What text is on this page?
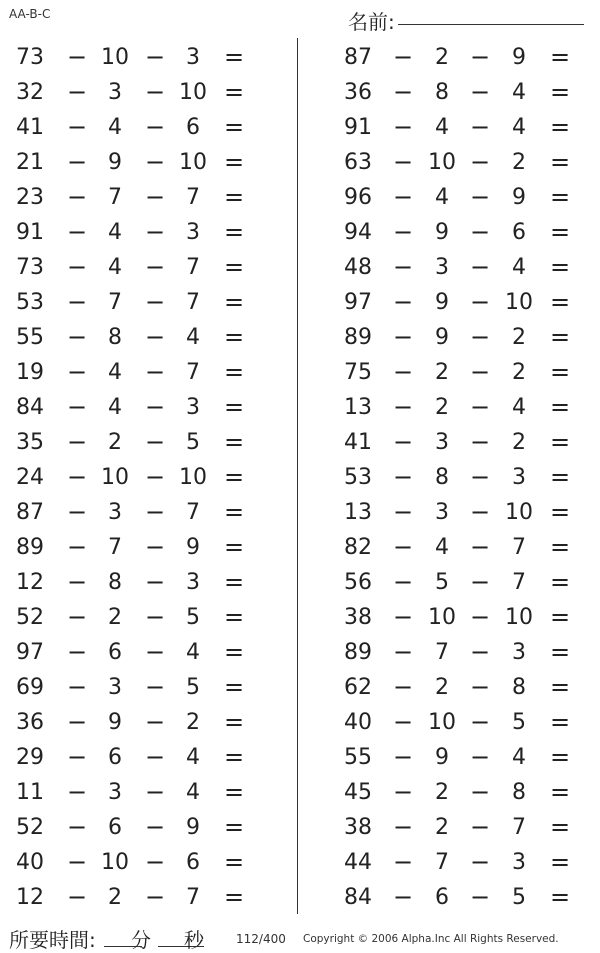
AA-B-C	名前:
73 − 10 − 3	=
32 − 3 − 10 =
41 − 4 − 6	=
21 − 9 − 10 =
23 − 7 − 7	=
91 − 4 − 3	=
73 − 4 − 7	=
53 − 7 − 7	=
55 − 8 − 4	=
19 − 4 − 7	=
84 − 4 − 3	=
35 − 2 − 5	=
24 − 10 − 10 =
87 − 3 − 7	=
89 − 7 − 9	=
12 − 8 − 3	=
52 − 2 − 5	=
97 − 6 − 4	=
69 − 3 − 5	=
36 − 9 − 2	=
29 − 6 − 4	=
11 − 3 − 4	=
52 − 6 − 9	=
40 − 10 − 6	=
12 − 2 − 7	=
87 − 2 − 9	=
36 − 8 − 4	=
91 − 4 − 4	=
63 − 10 − 2	=
96 − 4 − 9	=
94 − 9 − 6	=
48 − 3 − 4	=
97 − 9 − 10 =
89 − 9 − 2	=
75 − 2 − 2	=
13 − 2 − 4	=
41 − 3 − 2	=
53 − 8 − 3	=
13 − 3 − 10 =
82 − 4 − 7	=
56 − 5 − 7	=
38 − 10 − 10 =
89 − 7 − 3	=
62 − 2 − 8	=
40 − 10 − 5	=
55 − 9 − 4	=
45 − 2 − 8	=
38 − 2 − 7	=
44 − 7 − 3	=
84 − 6 − 5	=
所要時間: 分 秒	112/400 Copyright © 2006 Alpha.Inc All Rights Reserved.
